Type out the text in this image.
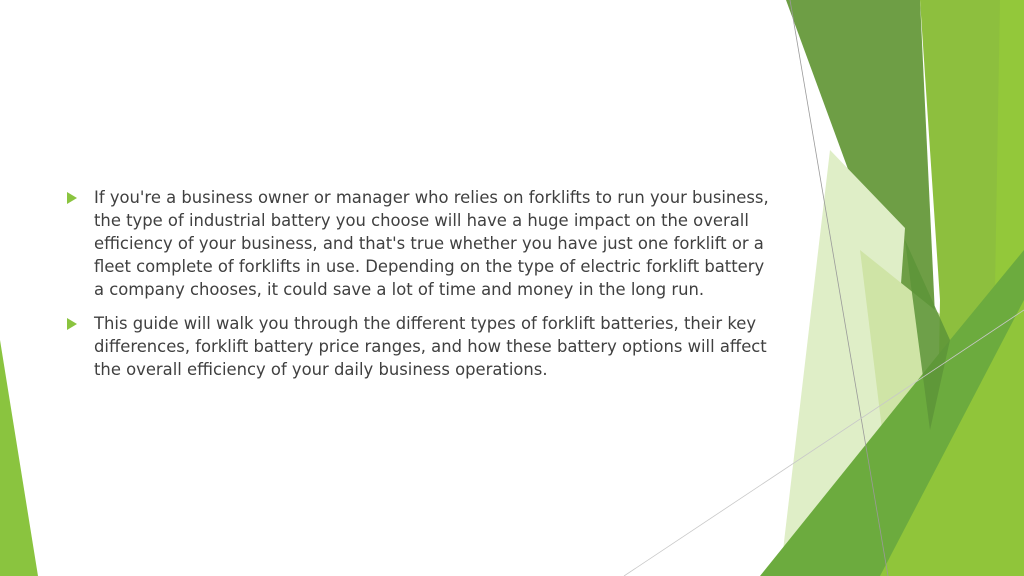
If you're a business owner or manager who relies on forklifts to run your business, the type of industrial battery you choose will have a huge impact on the overall efficiency of your business, and that's true whether you have just one forklift or a fleet complete of forklifts in use. Depending on the type of electric forklift battery a company chooses, it could save a lot of time and money in the long run.
This guide will walk you through the different types of forklift batteries, their key differences, forklift battery price ranges, and how these battery options will affect the overall efficiency of your daily business operations.
